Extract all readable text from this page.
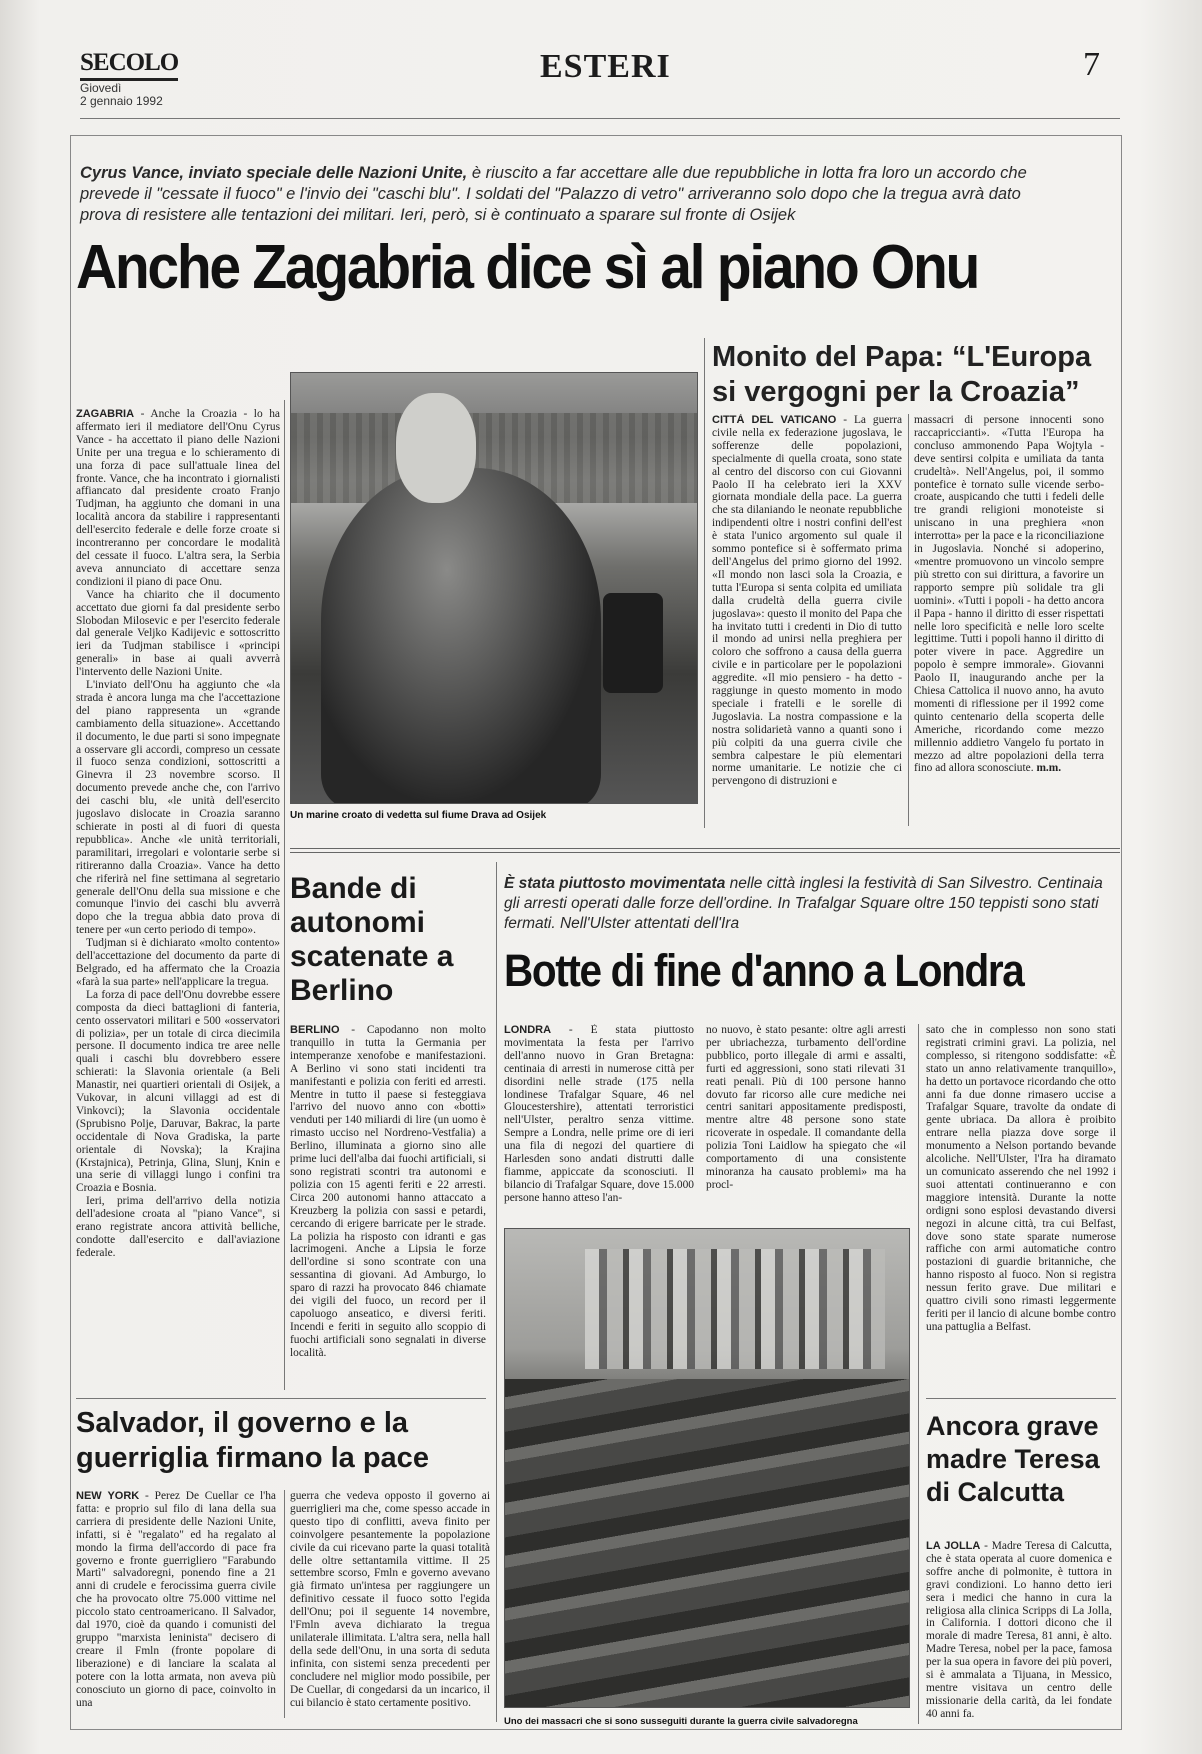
SECOLO
Giovedì
2 gennaio 1992
ESTERI	7
Cyrus Vance, inviato speciale delle Nazioni Unite, è riuscito a far accettare alle due repubbliche in lotta fra loro un accordo che prevede il "cessate il fuoco" e l'invio dei "caschi blu". I soldati del "Palazzo di vetro" arriveranno solo dopo che la tregua avrà dato prova di resistere alle tentazioni dei militari. Ieri, però, si è continuato a sparare sul fronte di Osijek
Anche Zagabria dice sì al piano Onu

ZAGABRIA - Anche la Croazia - lo ha affermato ieri il mediatore dell'Onu Cyrus Vance - ha accettato il piano delle Nazioni Unite per una tregua e lo schieramento di una forza di pace sull'attuale linea del fronte. Vance, che ha incontrato i giornalisti affiancato dal presidente croato Franjo Tudjman, ha aggiunto che domani in una località ancora da stabilire i rappresentanti dell'esercito federale e delle forze croate si incontreranno per concordare le modalità del cessate il fuoco. L'altra sera, la Serbia aveva annunciato di accettare senza condizioni il piano di pace Onu.

Vance ha chiarito che il documento accettato due giorni fa dal presidente serbo Slobodan Milosevic e per l'esercito federale dal generale Veljko Kadijevic e sottoscritto ieri da Tudjman stabilisce i «principi generali» in base ai quali avverrà l'intervento delle Nazioni Unite.

L'inviato dell'Onu ha aggiunto che «la strada è ancora lunga ma che l'accettazione del piano rappresenta un «grande cambiamento della situazione». Accettando il documento, le due parti si sono impegnate a osservare gli accordi, compreso un cessate il fuoco senza condizioni, sottoscritti a Ginevra il 23 novembre scorso. Il documento prevede anche che, con l'arrivo dei caschi blu, «le unità dell'esercito jugoslavo dislocate in Croazia saranno schierate in posti al di fuori di questa repubblica». Anche «le unità territoriali, paramilitari, irregolari e volontarie serbe si ritireranno dalla Croazia». Vance ha detto che riferirà nel fine settimana al segretario generale dell'Onu della sua missione e che comunque l'invio dei caschi blu avverrà dopo che la tregua abbia dato prova di tenere per «un certo periodo di tempo».

Tudjman si è dichiarato «molto contento» dell'accettazione del documento da parte di Belgrado, ed ha affermato che la Croazia «farà la sua parte» nell'applicare la tregua.

La forza di pace dell'Onu dovrebbe essere composta da dieci battaglioni di fanteria, cento osservatori militari e 500 «osservatori di polizia», per un totale di circa diecimila persone. Il documento indica tre aree nelle quali i caschi blu dovrebbero essere schierati: la Slavonia orientale (a Beli Manastir, nei quartieri orientali di Osijek, a Vukovar, in alcuni villaggi ad est di Vinkovci); la Slavonia occidentale (Sprubisno Polje, Daruvar, Bakrac, la parte occidentale di Nova Gradiska, la parte orientale di Novska); la Krajina (Krstajnica), Petrinja, Glina, Slunj, Knin e una serie di villaggi lungo i confini tra Croazia e Bosnia.

Ieri, prima dell'arrivo della notizia dell'adesione croata al "piano Vance", si erano registrate ancora attività belliche, condotte dall'esercito e dall'aviazione federale.

Un marine croato di vedetta sul fiume Drava ad Osijek
Monito del Papa: “L'Europa si vergogni per la Croazia”
CITTÀ DEL VATICANO - La guerra civile nella ex federazione jugoslava, le sofferenze delle popolazioni, specialmente di quella croata, sono state al centro del discorso con cui Giovanni Paolo II ha celebrato ieri la XXV giornata mondiale della pace. La guerra che sta dilaniando le neonate repubbliche indipendenti oltre i nostri confini dell'est è stata l'unico argomento sul quale il sommo pontefice si è soffermato prima dell'Angelus del primo giorno del 1992. «Il mondo non lasci sola la Croazia, e tutta l'Europa si senta colpita ed umiliata dalla crudeltà della guerra civile jugoslava»: questo il monito del Papa che ha invitato tutti i credenti in Dio di tutto il mondo ad unirsi nella preghiera per coloro che soffrono a causa della guerra civile e in particolare per le popolazioni aggredite. «Il mio pensiero - ha detto - raggiunge in questo momento in modo speciale i fratelli e le sorelle di Jugoslavia. La nostra compassione e la nostra solidarietà vanno a quanti sono i più colpiti da una guerra civile che sembra calpestare le più elementari norme umanitarie. Le notizie che ci pervengono di distruzioni e
massacri di persone innocenti sono raccapriccianti». «Tutta l'Europa ha concluso ammonendo Papa Wojtyla - deve sentirsi colpita e umiliata da tanta crudeltà». Nell'Angelus, poi, il sommo pontefice è tornato sulle vicende serbo-croate, auspicando che tutti i fedeli delle tre grandi religioni monoteiste si uniscano in una preghiera «non interrotta» per la pace e la riconciliazione in Jugoslavia. Nonché si adoperino, «mentre promuovono un vincolo sempre più stretto con sui dirittura, a favorire un rapporto sempre più solidale tra gli uomini». «Tutti i popoli - ha detto ancora il Papa - hanno il diritto di esser rispettati nelle loro specificità e nelle loro scelte legittime. Tutti i popoli hanno il diritto di poter vivere in pace. Aggredire un popolo è sempre immorale». Giovanni Paolo II, inaugurando anche per la Chiesa Cattolica il nuovo anno, ha avuto momenti di riflessione per il 1992 come quinto centenario della scoperta delle Americhe, ricordando come mezzo millennio addietro Vangelo fu portato in mezzo ad altre popolazioni della terra fino ad allora sconosciute. m.m.
Bande di autonomi scatenate a Berlino
BERLINO - Capodanno non molto tranquillo in tutta la Germania per intemperanze xenofobe e manifestazioni. A Berlino vi sono stati incidenti tra manifestanti e polizia con feriti ed arresti. Mentre in tutto il paese si festeggiava l'arrivo del nuovo anno con «botti» venduti per 140 miliardi di lire (un uomo è rimasto ucciso nel Nordreno-Vestfalia) a Berlino, illuminata a giorno sino alle prime luci dell'alba dai fuochi artificiali, si sono registrati scontri tra autonomi e polizia con 15 agenti feriti e 22 arresti. Circa 200 autonomi hanno attaccato a Kreuzberg la polizia con sassi e petardi, cercando di erigere barricate per le strade. La polizia ha risposto con idranti e gas lacrimogeni. Anche a Lipsia le forze dell'ordine si sono scontrate con una sessantina di giovani. Ad Amburgo, lo sparo di razzi ha provocato 846 chiamate dei vigili del fuoco, un record per il capoluogo anseatico, e diversi feriti. Incendi e feriti in seguito allo scoppio di fuochi artificiali sono segnalati in diverse località.
È stata piuttosto movimentata nelle città inglesi la festività di San Silvestro. Centinaia gli arresti operati dalle forze dell'ordine. In Trafalgar Square oltre 150 teppisti sono stati fermati. Nell'Ulster attentati dell'Ira
Botte di fine d'anno a Londra
LONDRA - È stata piuttosto movimentata la festa per l'arrivo dell'anno nuovo in Gran Bretagna: centinaia di arresti in numerose città per disordini nelle strade (175 nella londinese Trafalgar Square, 46 nel Gloucestershire), attentati terroristici nell'Ulster, peraltro senza vittime. Sempre a Londra, nelle prime ore di ieri una fila di negozi del quartiere di Harlesden sono andati distrutti dalle fiamme, appiccate da sconosciuti. Il bilancio di Trafalgar Square, dove 15.000 persone hanno atteso l'an-
no nuovo, è stato pesante: oltre agli arresti per ubriachezza, turbamento dell'ordine pubblico, porto illegale di armi e assalti, furti ed aggressioni, sono stati rilevati 31 reati penali. Più di 100 persone hanno dovuto far ricorso alle cure mediche nei centri sanitari appositamente predisposti, mentre altre 48 persone sono state ricoverate in ospedale. Il comandante della polizia Toni Laidlow ha spiegato che «il comportamento di una consistente minoranza ha causato problemi» ma ha procl-
sato che in complesso non sono stati registrati crimini gravi. La polizia, nel complesso, si ritengono soddisfatte: «È stato un anno relativamente tranquillo», ha detto un portavoce ricordando che otto anni fa due donne rimasero uccise a Trafalgar Square, travolte da ondate di gente ubriaca. Da allora è proibito entrare nella piazza dove sorge il monumento a Nelson portando bevande alcoliche. Nell'Ulster, l'Ira ha diramato un comunicato asserendo che nel 1992 i suoi attentati continueranno e con maggiore intensità. Durante la notte ordigni sono esplosi devastando diversi negozi in alcune città, tra cui Belfast, dove sono state sparate numerose raffiche con armi automatiche contro postazioni di guardie britanniche, che hanno risposto al fuoco. Non si registra nessun ferito grave. Due militari e quattro civili sono rimasti leggermente feriti per il lancio di alcune bombe contro una pattuglia a Belfast.
Uno dei massacri che si sono susseguiti durante la guerra civile salvadoregna
Salvador, il governo e la guerriglia firmano la pace
NEW YORK - Perez De Cuellar ce l'ha fatta: e proprio sul filo di lana della sua carriera di presidente delle Nazioni Unite, infatti, si è "regalato" ed ha regalato al mondo la firma dell'accordo di pace fra governo e fronte guerrigliero "Farabundo Martì" salvadoregni, ponendo fine a 21 anni di crudele e ferocissima guerra civile che ha provocato oltre 75.000 vittime nel piccolo stato centroamericano. Il Salvador, dal 1970, cioè da quando i comunisti del gruppo "marxista leninista" decisero di creare il Fmln (fronte popolare di liberazione) e di lanciare la scalata al potere con la lotta armata, non aveva più conosciuto un giorno di pace, coinvolto in una
guerra che vedeva opposto il governo ai guerriglieri ma che, come spesso accade in questo tipo di conflitti, aveva finito per coinvolgere pesantemente la popolazione civile da cui ricevano parte la quasi totalità delle oltre settantamila vittime. Il 25 settembre scorso, Fmln e governo avevano già firmato un'intesa per raggiungere un definitivo cessate il fuoco sotto l'egida dell'Onu; poi il seguente 14 novembre, l'Fmln aveva dichiarato la tregua unilaterale illimitata. L'altra sera, nella hall della sede dell'Onu, in una sorta di seduta infinita, con sistemi senza precedenti per concludere nel miglior modo possibile, per De Cuellar, di congedarsi da un incarico, il cui bilancio è stato certamente positivo.
Ancora grave madre Teresa di Calcutta
LA JOLLA - Madre Teresa di Calcutta, che è stata operata al cuore domenica e soffre anche di polmonite, è tuttora in gravi condizioni. Lo hanno detto ieri sera i medici che hanno in cura la religiosa alla clinica Scripps di La Jolla, in California. I dottori dicono che il morale di madre Teresa, 81 anni, è alto. Madre Teresa, nobel per la pace, famosa per la sua opera in favore dei più poveri, si è ammalata a Tijuana, in Messico, mentre visitava un centro delle missionarie della carità, da lei fondate 40 anni fa.
